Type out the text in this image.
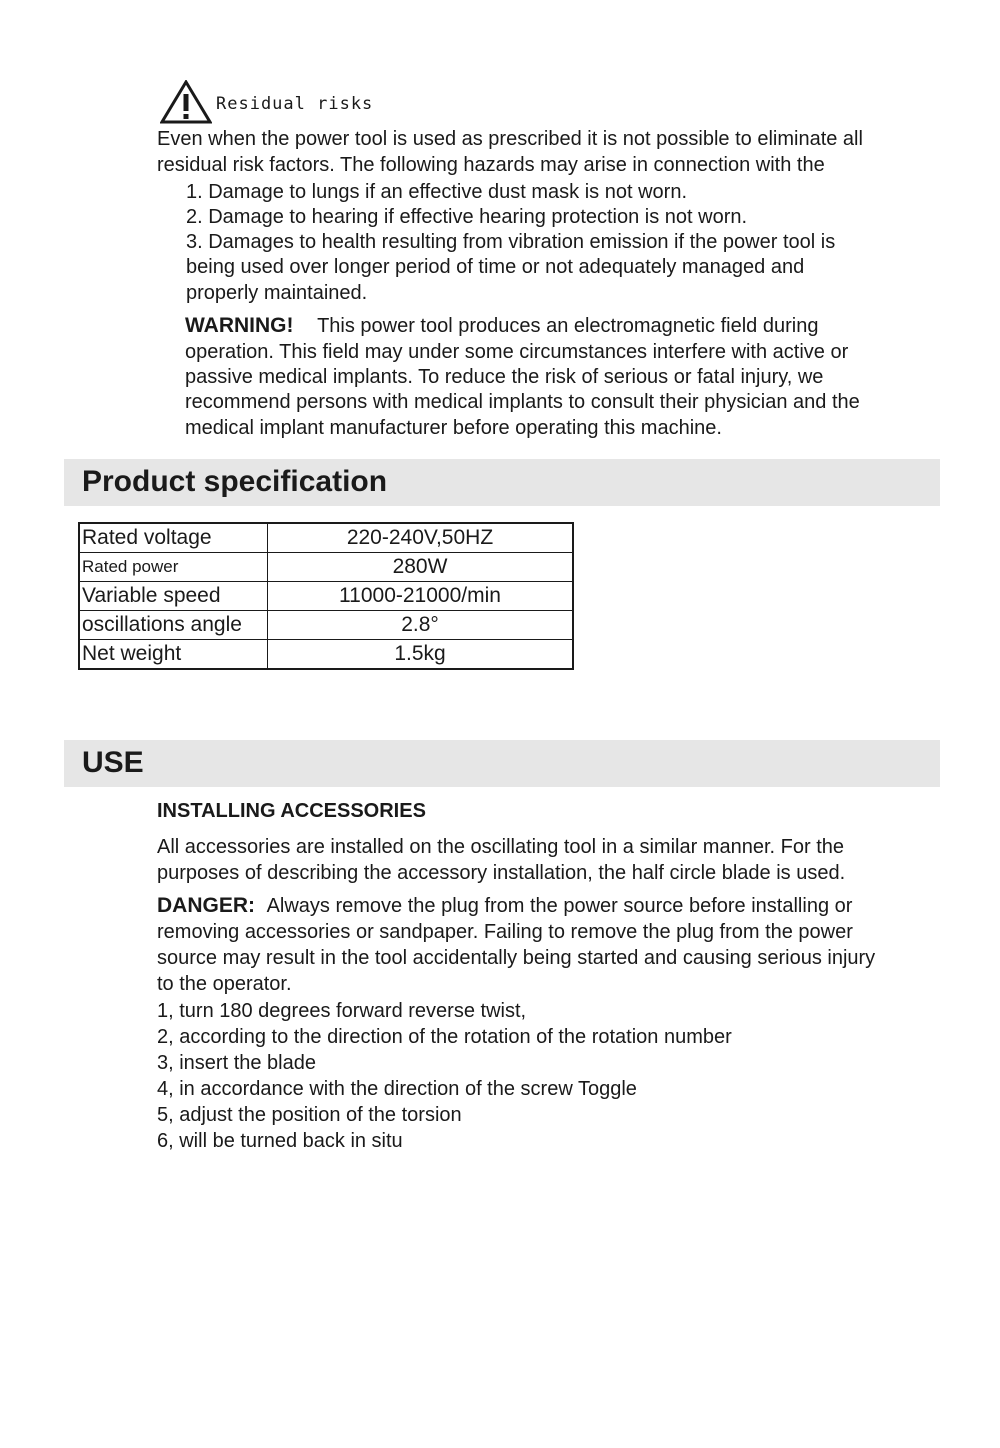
Residual risks
Even when the power tool is used as prescribed it is not possible to eliminate all
residual risk factors. The following hazards may arise in connection with the
1. Damage to lungs if an effective dust mask is not worn.
2. Damage to hearing if effective hearing protection is not worn.
3. Damages to health resulting from vibration emission if the power tool is
being used over longer period of time or not adequately managed and
properly maintained.
WARNING! This power tool produces an electromagnetic field during
operation. This field may under some circumstances interfere with active or
passive medical implants. To reduce the risk of serious or fatal injury, we
recommend persons with medical implants to consult their physician and the
medical implant manufacturer before operating this machine.
Product specification
Rated voltage	220-240V,50HZ
Rated power	280W
Variable speed	11000-21000/min
oscillations angle	2.8°
Net weight	1.5kg
USE
INSTALLING ACCESSORIES
All accessories are installed on the oscillating tool in a similar manner. For the
purposes of describing the accessory installation, the half circle blade is used.
DANGER: Always remove the plug from the power source before installing or
removing accessories or sandpaper. Failing to remove the plug from the power
source may result in the tool accidentally being started and causing serious injury
to the operator.
1, turn 180 degrees forward reverse twist,
2, according to the direction of the rotation of the rotation number
3, insert the blade
4, in accordance with the direction of the screw Toggle
5, adjust the position of the torsion
6, will be turned back in situ
